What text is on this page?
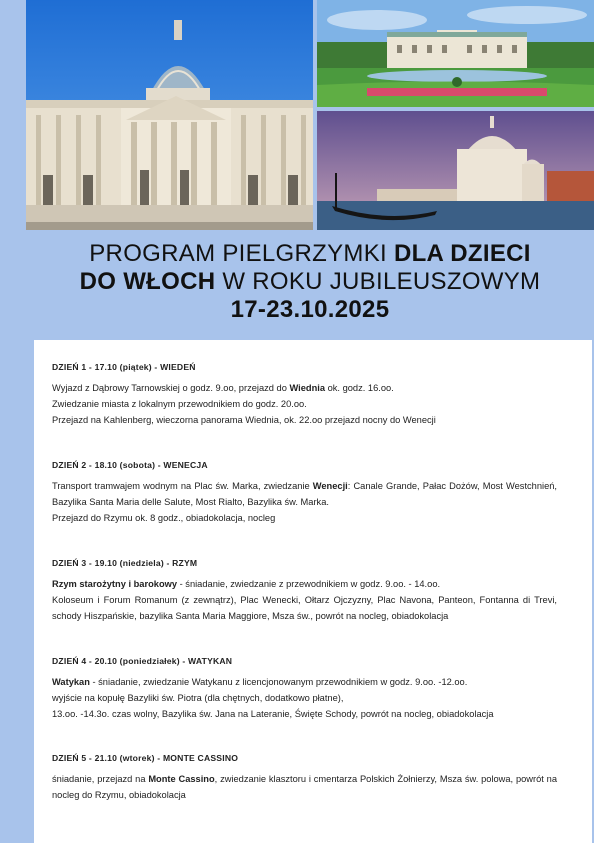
PROGRAM PIELGRZYMKI DLA DZIECI
DO WŁOCH W ROKU JUBILEUSZOWYM
17-23.10.2025
DZIEŃ 1 - 17.10 (piątek) - WIEDEŃ

Wyjazd z Dąbrowy Tarnowskiej o godz. 9.oo, przejazd do Wiednia ok. godz. 16.oo.

Zwiedzanie miasta z lokalnym przewodnikiem do godz. 20.oo.

Przejazd na Kahlenberg, wieczorna panorama Wiednia, ok. 22.oo przejazd nocny do Wenecji

DZIEŃ 2 - 18.10 (sobota) - WENECJA

Transport tramwajem wodnym na Plac św. Marka, zwiedzanie Wenecji: Canale Grande, Pałac Dożów, Most Westchnień, Bazylika Santa Maria delle Salute, Most Rialto, Bazylika św. Marka.

Przejazd do Rzymu ok. 8 godz., obiadokolacja, nocleg

DZIEŃ 3 - 19.10 (niedziela) - RZYM

Rzym starożytny i barokowy - śniadanie, zwiedzanie z przewodnikiem w godz. 9.oo. - 14.oo.

Koloseum i Forum Romanum (z zewnątrz), Plac Wenecki, Ołtarz Ojczyzny, Plac Navona, Panteon, Fontanna di Trevi, schody Hiszpańskie, bazylika Santa Maria Maggiore, Msza św., powrót na nocleg, obiadokolacja

DZIEŃ 4 - 20.10 (poniedziałek) - WATYKAN

Watykan - śniadanie, zwiedzanie Watykanu z licencjonowanym przewodnikiem w godz. 9.oo. -12.oo.

wyjście na kopułę Bazyliki św. Piotra (dla chętnych, dodatkowo płatne),

13.oo. -14.3o. czas wolny, Bazylika św. Jana na Lateranie, Święte Schody, powrót na nocleg, obiadokolacja

DZIEŃ 5 - 21.10 (wtorek) - MONTE CASSINO

śniadanie, przejazd na Monte Cassino, zwiedzanie klasztoru i cmentarza Polskich Żołnierzy, Msza św. polowa, powrót na nocleg do Rzymu, obiadokolacja
